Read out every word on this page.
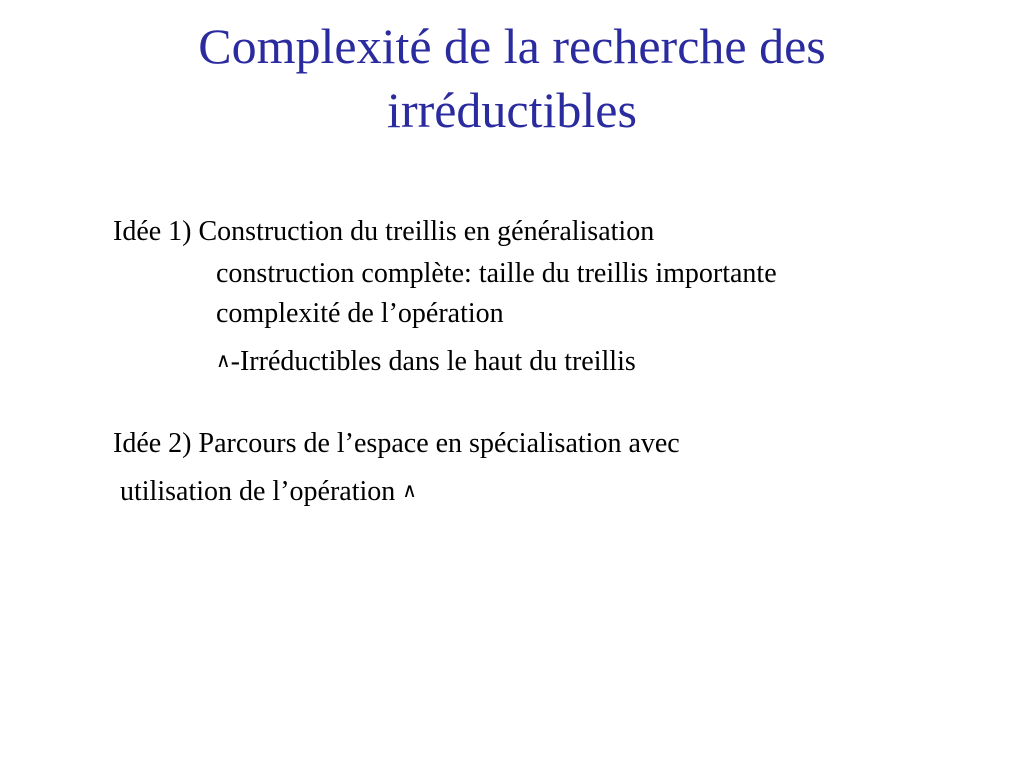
Complexité de la recherche des
irréductibles

Idée 1) Construction du treillis en généralisation

construction complète: taille du treillis importante

complexité de l’opération

∧-Irréductibles dans le haut du treillis

Idée 2) Parcours de l’espace en spécialisation avec

utilisation de l’opération ∧
